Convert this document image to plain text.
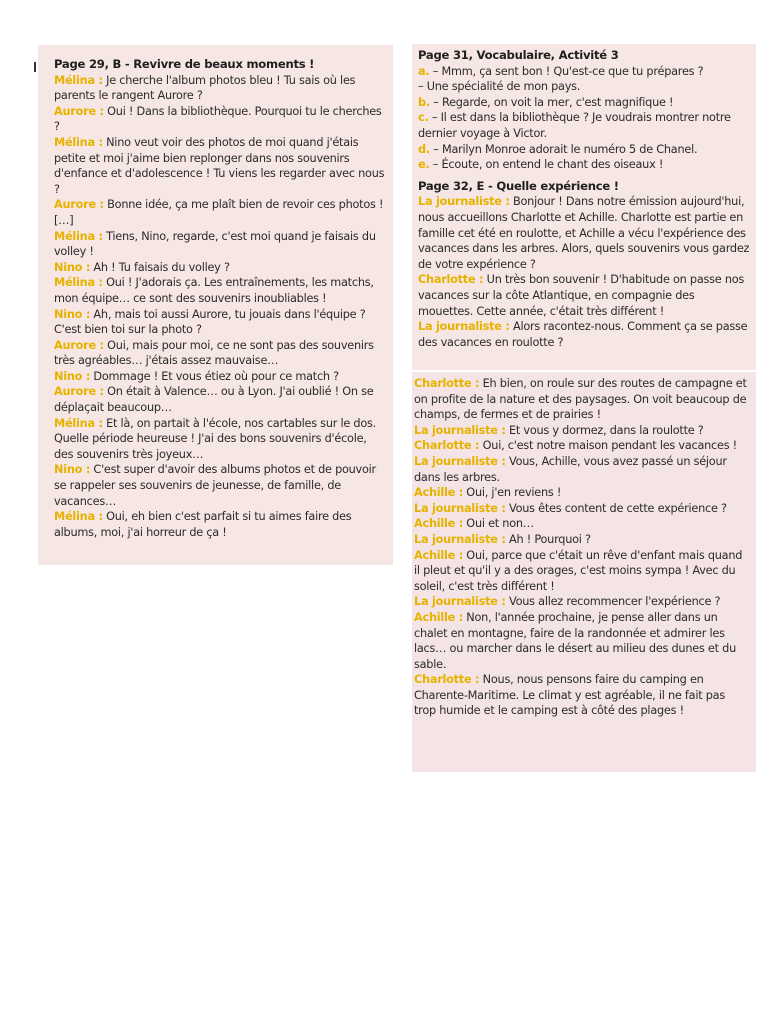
Page 29, B - Revivre de beaux moments !

Mélina : Je cherche l'album photos bleu ! Tu sais où les parents le rangent Aurore ?

Aurore : Oui ! Dans la bibliothèque. Pourquoi tu le cherches ?

Mélina : Nino veut voir des photos de moi quand j'étais petite et moi j'aime bien replonger dans nos souvenirs d'enfance et d'adolescence ! Tu viens les regarder avec nous ?

Aurore : Bonne idée, ça me plaît bien de revoir ces photos ! […]

Mélina : Tiens, Nino, regarde, c'est moi quand je faisais du volley !

Nino : Ah ! Tu faisais du volley ?

Mélina : Oui ! J'adorais ça. Les entraînements, les matchs, mon équipe… ce sont des souvenirs inoubliables !

Nino : Ah, mais toi aussi Aurore, tu jouais dans l'équipe ? C'est bien toi sur la photo ?

Aurore : Oui, mais pour moi, ce ne sont pas des souvenirs très agréables… j'étais assez mauvaise…

Nino : Dommage ! Et vous étiez où pour ce match ?

Aurore : On était à Valence… ou à Lyon. J'ai oublié ! On se déplaçait beaucoup…

Mélina : Et là, on partait à l'école, nos cartables sur le dos. Quelle période heureuse ! J'ai des bons souvenirs d'école, des souvenirs très joyeux…

Nino : C'est super d'avoir des albums photos et de pouvoir se rappeler ses souvenirs de jeunesse, de famille, de vacances…

Mélina : Oui, eh bien c'est parfait si tu aimes faire des albums, moi, j'ai horreur de ça !

Page 31, Vocabulaire, Activité 3

a. – Mmm, ça sent bon ! Qu'est-ce que tu prépares ?

– Une spécialité de mon pays.

b. – Regarde, on voit la mer, c'est magnifique !

c. – Il est dans la bibliothèque ? Je voudrais montrer notre dernier voyage à Victor.

d. – Marilyn Monroe adorait le numéro 5 de Chanel.

e. – Écoute, on entend le chant des oiseaux !

Page 32, E - Quelle expérience !

La journaliste : Bonjour ! Dans notre émission aujourd'hui, nous accueillons Charlotte et Achille. Charlotte est partie en famille cet été en roulotte, et Achille a vécu l'expérience des vacances dans les arbres. Alors, quels souvenirs vous gardez de votre expérience ?

Charlotte : Un très bon souvenir ! D'habitude on passe nos vacances sur la côte Atlantique, en compagnie des mouettes. Cette année, c'était très différent !

La journaliste : Alors racontez-nous. Comment ça se passe des vacances en roulotte ?

Charlotte : Eh bien, on roule sur des routes de campagne et on profite de la nature et des paysages. On voit beaucoup de champs, de fermes et de prairies !

La journaliste : Et vous y dormez, dans la roulotte ?

Charlotte : Oui, c'est notre maison pendant les vacances !

La journaliste : Vous, Achille, vous avez passé un séjour dans les arbres.

Achille : Oui, j'en reviens !

La journaliste : Vous êtes content de cette expérience ?

Achille : Oui et non…

La journaliste : Ah ! Pourquoi ?

Achille : Oui, parce que c'était un rêve d'enfant mais quand il pleut et qu'il y a des orages, c'est moins sympa ! Avec du soleil, c'est très différent !

La journaliste : Vous allez recommencer l'expérience ?

Achille : Non, l'année prochaine, je pense aller dans un chalet en montagne, faire de la randonnée et admirer les lacs… ou marcher dans le désert au milieu des dunes et du sable.

Charlotte : Nous, nous pensons faire du camping en Charente-Maritime. Le climat y est agréable, il ne fait pas trop humide et le camping est à côté des plages !
